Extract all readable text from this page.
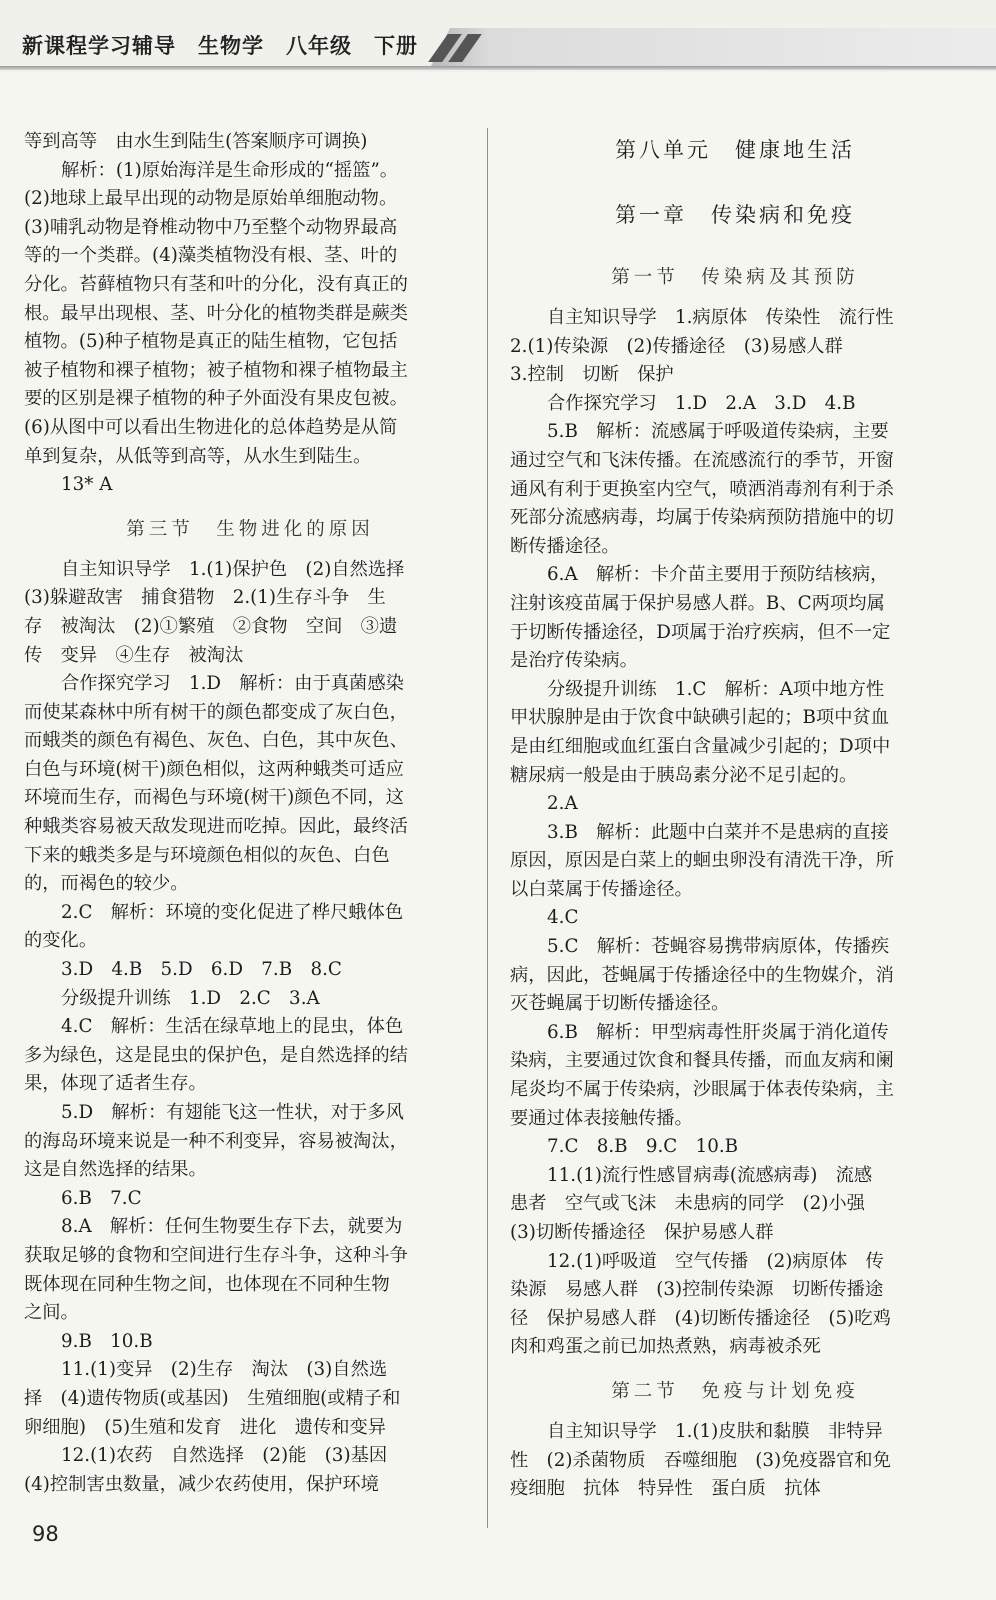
新课程学习辅导　生物学　八年级　下册
等到高等　由水生到陆生(答案顺序可调换)
解析：(1)原始海洋是生命形成的“摇篮”。
(2)地球上最早出现的动物是原始单细胞动物。
(3)哺乳动物是脊椎动物中乃至整个动物界最高
等的一个类群。(4)藻类植物没有根、茎、叶的
分化。苔藓植物只有茎和叶的分化，没有真正的
根。最早出现根、茎、叶分化的植物类群是蕨类
植物。(5)种子植物是真正的陆生植物，它包括
被子植物和裸子植物；被子植物和裸子植物最主
要的区别是裸子植物的种子外面没有果皮包被。
(6)从图中可以看出生物进化的总体趋势是从简
单到复杂，从低等到高等，从水生到陆生。
13* A
第三节　生物进化的原因
自主知识导学　1.(1)保护色　(2)自然选择
(3)躲避敌害　捕食猎物　2.(1)生存斗争　生
存　被淘汰　(2)①繁殖　②食物　空间　③遗
传　变异　④生存　被淘汰
合作探究学习　1.D　解析：由于真菌感染
而使某森林中所有树干的颜色都变成了灰白色，
而蛾类的颜色有褐色、灰色、白色，其中灰色、
白色与环境(树干)颜色相似，这两种蛾类可适应
环境而生存，而褐色与环境(树干)颜色不同，这
种蛾类容易被天敌发现进而吃掉。因此，最终活
下来的蛾类多是与环境颜色相似的灰色、白色
的，而褐色的较少。
2.C　解析：环境的变化促进了桦尺蛾体色
的变化。
3.D　4.B　5.D　6.D　7.B　8.C
分级提升训练　1.D　2.C　3.A
4.C　解析：生活在绿草地上的昆虫，体色
多为绿色，这是昆虫的保护色，是自然选择的结
果，体现了适者生存。
5.D　解析：有翅能飞这一性状，对于多风
的海岛环境来说是一种不利变异，容易被淘汰，
这是自然选择的结果。
6.B　7.C
8.A　解析：任何生物要生存下去，就要为
获取足够的食物和空间进行生存斗争，这种斗争
既体现在同种生物之间，也体现在不同种生物
之间。
9.B　10.B
11.(1)变异　(2)生存　淘汰　(3)自然选
择　(4)遗传物质(或基因)　生殖细胞(或精子和
卵细胞)　(5)生殖和发育　进化　遗传和变异
12.(1)农药　自然选择　(2)能　(3)基因
(4)控制害虫数量，减少农药使用，保护环境
第八单元　健康地生活
第一章　传染病和免疫
第一节　传染病及其预防
自主知识导学　1.病原体　传染性　流行性
2.(1)传染源　(2)传播途径　(3)易感人群
3.控制　切断　保护
合作探究学习　1.D　2.A　3.D　4.B
5.B　解析：流感属于呼吸道传染病，主要
通过空气和飞沫传播。在流感流行的季节，开窗
通风有利于更换室内空气，喷洒消毒剂有利于杀
死部分流感病毒，均属于传染病预防措施中的切
断传播途径。
6.A　解析：卡介苗主要用于预防结核病，
注射该疫苗属于保护易感人群。B、C两项均属
于切断传播途径，D项属于治疗疾病，但不一定
是治疗传染病。
分级提升训练　1.C　解析：A项中地方性
甲状腺肿是由于饮食中缺碘引起的；B项中贫血
是由红细胞或血红蛋白含量减少引起的；D项中
糖尿病一般是由于胰岛素分泌不足引起的。
2.A
3.B　解析：此题中白菜并不是患病的直接
原因，原因是白菜上的蛔虫卵没有清洗干净，所
以白菜属于传播途径。
4.C
5.C　解析：苍蝇容易携带病原体，传播疾
病，因此，苍蝇属于传播途径中的生物媒介，消
灭苍蝇属于切断传播途径。
6.B　解析：甲型病毒性肝炎属于消化道传
染病，主要通过饮食和餐具传播，而血友病和阑
尾炎均不属于传染病，沙眼属于体表传染病，主
要通过体表接触传播。
7.C　8.B　9.C　10.B
11.(1)流行性感冒病毒(流感病毒)　流感
患者　空气或飞沫　未患病的同学　(2)小强
(3)切断传播途径　保护易感人群
12.(1)呼吸道　空气传播　(2)病原体　传
染源　易感人群　(3)控制传染源　切断传播途
径　保护易感人群　(4)切断传播途径　(5)吃鸡
肉和鸡蛋之前已加热煮熟，病毒被杀死
第二节　免疫与计划免疫
自主知识导学　1.(1)皮肤和黏膜　非特异
性　(2)杀菌物质　吞噬细胞　(3)免疫器官和免
疫细胞　抗体　特异性　蛋白质　抗体
98
